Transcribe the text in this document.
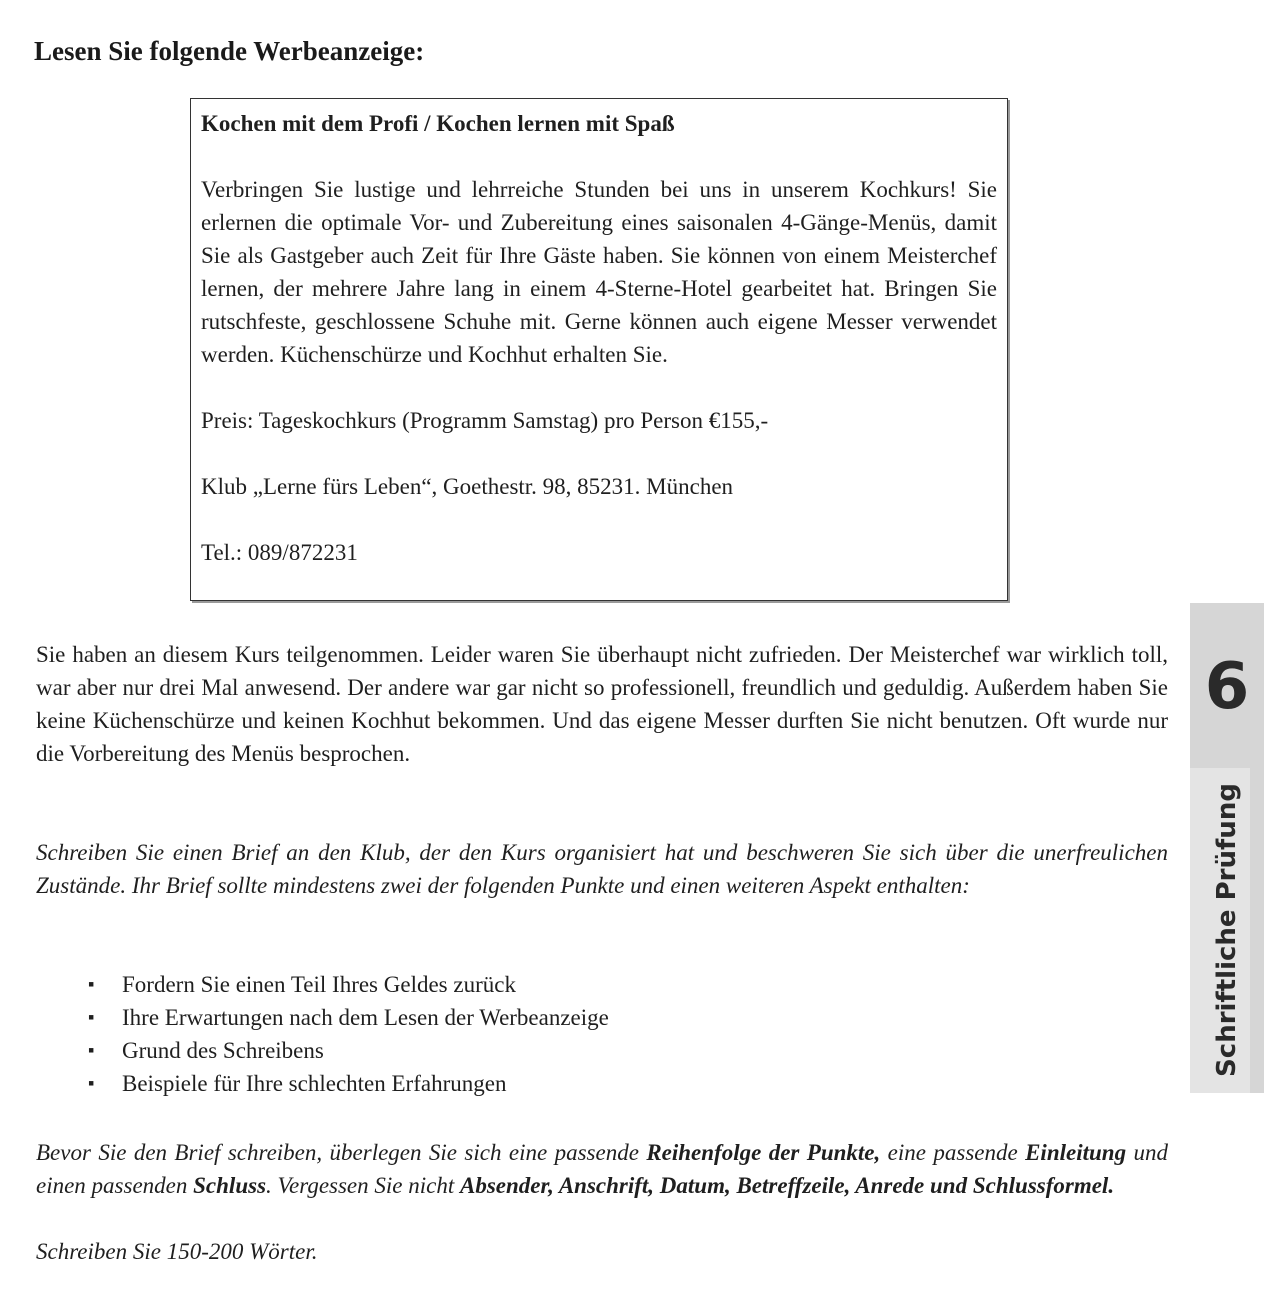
Lesen Sie folgende Werbeanzeige:

Kochen mit dem Profi / Kochen lernen mit Spaß

Verbringen Sie lustige und lehrreiche Stunden bei uns in unserem Kochkurs! Sie erlernen die optimale Vor- und Zubereitung eines saisonalen 4-Gänge-Menüs, damit Sie als Gastgeber auch Zeit für Ihre Gäste haben. Sie können von einem Meisterchef lernen, der mehrere Jahre lang in einem 4-Sterne-Hotel gearbeitet hat. Bringen Sie rutschfeste, geschlossene Schuhe mit. Gerne können auch eigene Messer verwendet werden. Küchenschürze und Kochhut erhalten Sie.

Preis: Tageskochkurs (Programm Samstag) pro Person €155,-

Klub „Lerne fürs Leben“, Goethestr. 98, 85231. München

Tel.: 089/872231

Sie haben an diesem Kurs teilgenommen. Leider waren Sie überhaupt nicht zufrieden. Der Meisterchef war wirklich toll, war aber nur drei Mal anwesend. Der andere war gar nicht so professionell, freundlich und geduldig. Außerdem haben Sie keine Küchenschürze und keinen Kochhut bekommen. Und das eigene Messer durften Sie nicht benutzen. Oft wurde nur die Vorbereitung des Menüs besprochen.

Schreiben Sie einen Brief an den Klub, der den Kurs organisiert hat und beschweren Sie sich über die unerfreulichen Zustände. Ihr Brief sollte mindestens zwei der folgenden Punkte und einen weiteren Aspekt enthalten:

▪ Fordern Sie einen Teil Ihres Geldes zurück
▪ Ihre Erwartungen nach dem Lesen der Werbeanzeige
▪ Grund des Schreibens
▪ Beispiele für Ihre schlechten Erfahrungen

Bevor Sie den Brief schreiben, überlegen Sie sich eine passende Reihenfolge der Punkte, eine passende Einleitung und einen passenden Schluss. Vergessen Sie nicht Absender, Anschrift, Datum, Betreffzeile, Anrede und Schlussformel.

Schreiben Sie 150-200 Wörter.

6
Schriftliche Prüfung
